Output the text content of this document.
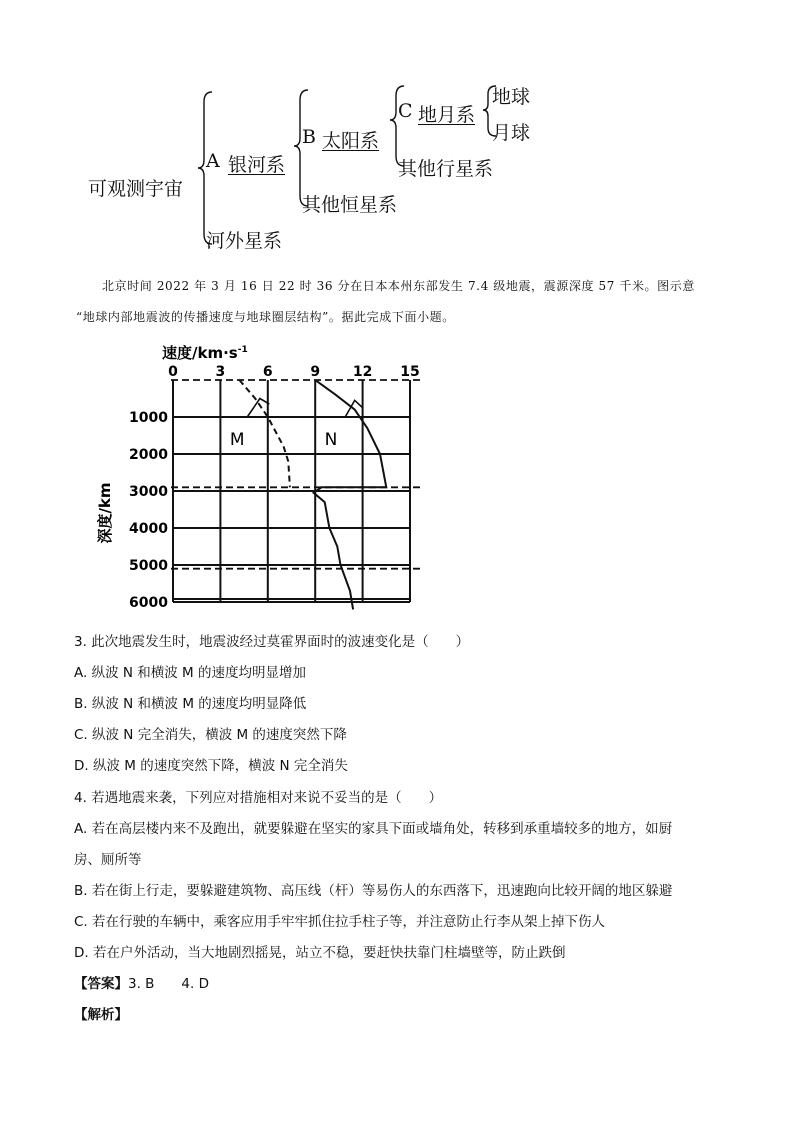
可观测宇宙
A 银河系
B 太阳系
C 地月系
地球
月球
其他行星系
其他恒星系
河外星系
北京时间 2022 年 3 月 16 日 22 时 36 分在日本本州东部发生 7.4 级地震，震源深度 57 千米。图示意
“地球内部地震波的传播速度与地球圈层结构”。据此完成下面小题。
速度$/km\cdot s^{-1}$
深度/km
0	3	6	9 12 15
1000
2000
3000
4000
5000
6000
M	N
3. 此次地震发生时，地震波经过莫霍界面时的波速变化是（　　）
A. 纵波 N 和横波 M 的速度均明显增加
B. 纵波 N 和横波 M 的速度均明显降低
C. 纵波 N 完全消失，横波 M 的速度突然下降
D. 纵波 M 的速度突然下降，横波 N 完全消失
4. 若遇地震来袭，下列应对措施相对来说不妥当的是（　　）
A. 若在高层楼内来不及跑出，就要躲避在坚实的家具下面或墙角处，转移到承重墙较多的地方，如厨
房、厕所等
B. 若在街上行走，要躲避建筑物、高压线（杆）等易伤人的东西落下，迅速跑向比较开阔的地区躲避
C. 若在行驶的车辆中，乘客应用手牢牢抓住拉手柱子等，并注意防止行李从架上掉下伤人
D. 若在户外活动，当大地剧烈摇晃，站立不稳，要赶快扶靠门柱墙壁等，防止跌倒
【答案】3. B　　4. D
【解析】
